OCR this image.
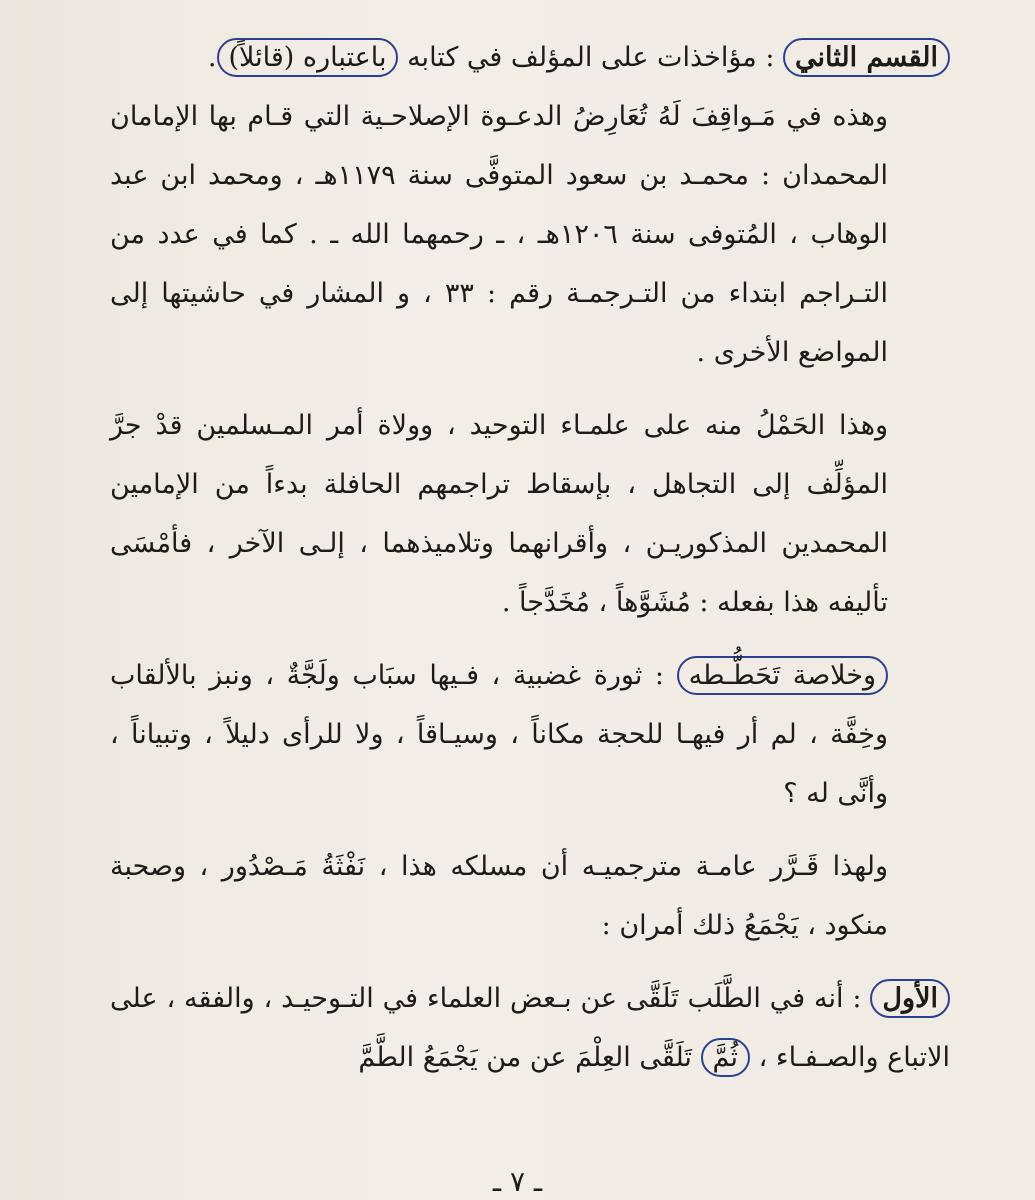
القسم الثاني : مؤاخذات على المؤلف في كتابه باعتباره (قائلاً).

وهذه في مَـواقِفَ لَهُ تُعَارِضُ الدعـوة الإصلاحـية التي قـام بها الإمامان المحمدان : محمـد بن سعود المتوفَّى سنة ١١٧٩هـ ، ومحمد ابن عبد الوهاب ، المُتوفى سنة ١٢٠٦هـ ، ـ رحمهما الله ـ . كما في عدد من التـراجم ابتداء من التـرجمـة رقم : ٣٣ ، و المشار في حاشيتها إلى المواضع الأخرى .

وهذا الحَمْلُ منه على علمـاء التوحيد ، وولاة أمر المـسلمين قدْ جرَّ المؤلِّف إلى التجاهل ، بإسقاط تراجمهم الحافلة بدءاً من الإمامين المحمدين المذكوريـن ، وأقرانهما وتلاميذهما ، إلـى الآخر ، فأمْسَى تأليفه هذا بفعله : مُشَوَّهاً ، مُخَدَّجاً .

وخلاصة تَحَطُّـطه : ثورة غضبية ، فـيها سبَاب ولَجَّةٌ ، ونبز بالألقاب وخِفَّة ، لم أر فيهـا للحجة مكاناً ، وسيـاقاً ، ولا للرأى دليلاً ، وتبياناً ، وأنَّى له ؟

ولهذا قَـرَّر عامـة مترجميـه أن مسلكه هذا ، نَفْثَةُ مَـصْدُور ، وصحبة منكود ، يَجْمَعُ ذلك أمران :

الأول : أنه في الطَّلَب تَلَقَّى عن بـعض العلماء في التـوحيـد ، والفقه ، على الاتباع والصـفـاء ، ثُمَّ تَلَقَّى العِلْمَ عن من يَجْمَعُ الطَّمَّ

ـ ٧ ـ
